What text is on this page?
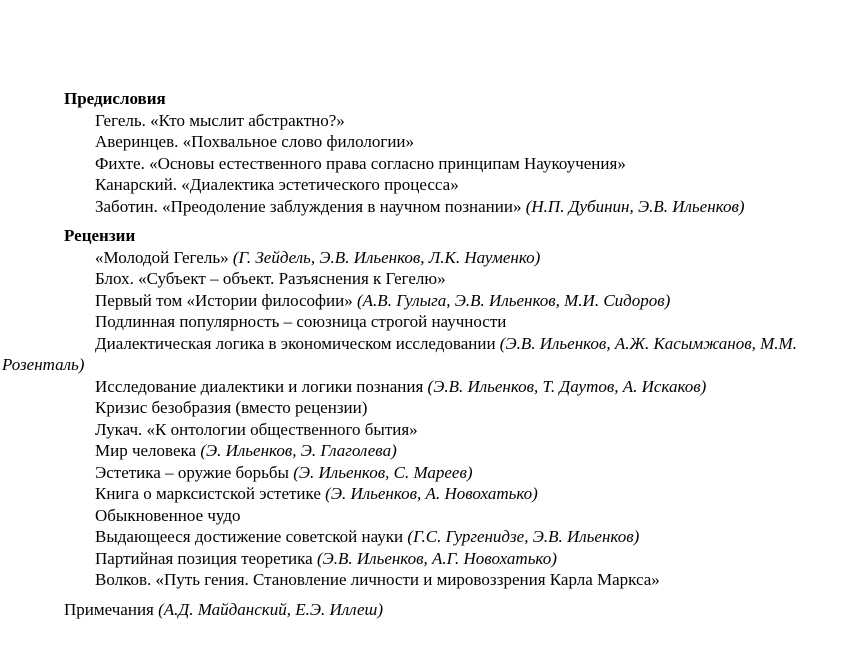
Предисловия
Гегель. «Кто мыслит абстрактно?»
Аверинцев. «Похвальное слово филологии»
Фихте. «Основы естественного права согласно принципам Наукоучения»
Канарский. «Диалектика эстетического процесса»
Заботин. «Преодоление заблуждения в научном познании» (Н.П. Дубинин, Э.В. Ильенков)
Рецензии
«Молодой Гегель» (Г. Зейдель, Э.В. Ильенков, Л.К. Науменко)
Блох. «Субъект – объект. Разъяснения к Гегелю»
Первый том «Истории философии» (А.В. Гулыга, Э.В. Ильенков, М.И. Сидоров)
Подлинная популярность – союзница строгой научности
Диалектическая логика в экономическом исследовании (Э.В. Ильенков, А.Ж. Касымжанов, М.М. Розенталь)
Исследование диалектики и логики познания (Э.В. Ильенков, Т. Даутов, А. Искаков)
Кризис безобразия (вместо рецензии)
Лукач. «К онтологии общественного бытия»
Мир человека (Э. Ильенков, Э. Глаголева)
Эстетика – оружие борьбы (Э. Ильенков, С. Мареев)
Книга о марксистской эстетике (Э. Ильенков, А. Новохатько)
Обыкновенное чудо
Выдающееся достижение советской науки (Г.С. Гургенидзе, Э.В. Ильенков)
Партийная позиция теоретика (Э.В. Ильенков, А.Г. Новохатько)
Волков. «Путь гения. Становление личности и мировоззрения Карла Маркса»
Примечания (А.Д. Майданский, Е.Э. Иллеш)
